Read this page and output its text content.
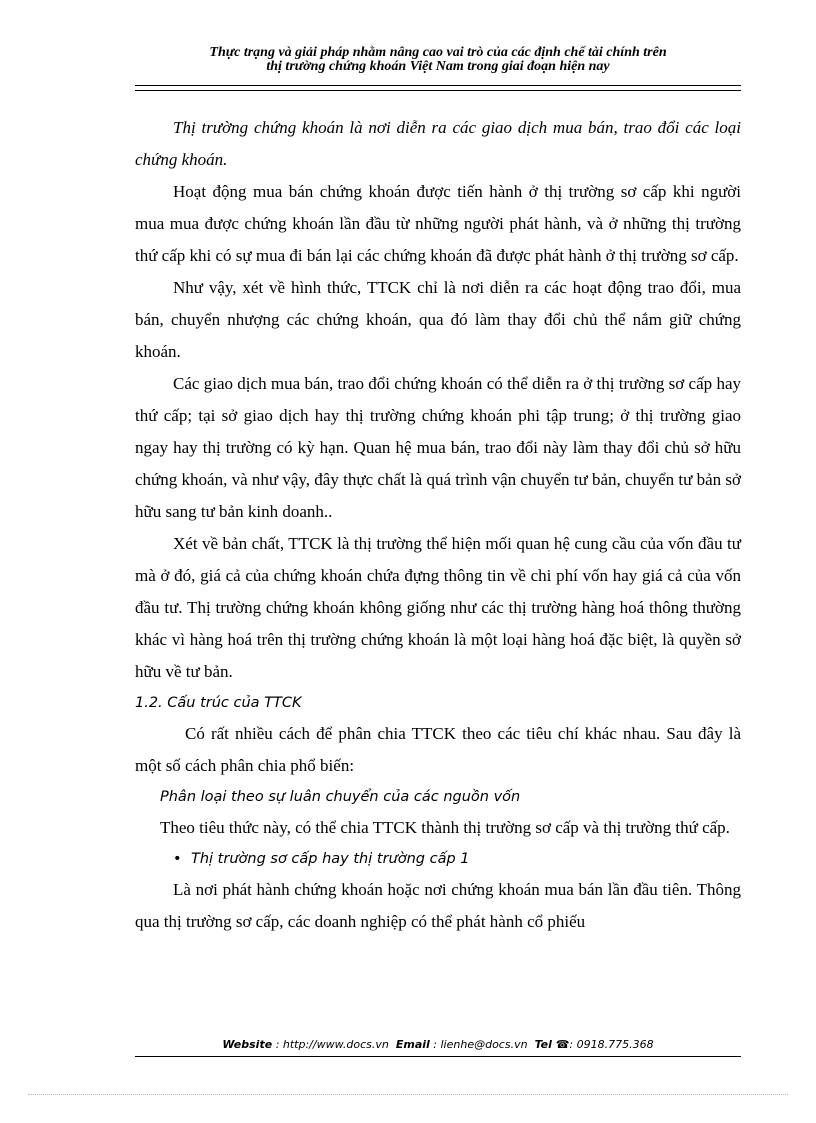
Thực trạng và giải pháp nhằm nâng cao vai trò của các định chế tài chính trên
thị trường chứng khoán Việt Nam trong giai đoạn hiện nay

Thị trường chứng khoán là nơi diễn ra các giao dịch mua bán, trao đổi các loại chứng khoán.

Hoạt động mua bán chứng khoán được tiến hành ở thị trường sơ cấp khi người mua mua được chứng khoán lần đầu từ những người phát hành, và ở những thị trường thứ cấp khi có sự mua đi bán lại các chứng khoán đã được phát hành ở thị trường sơ cấp.

Như vậy, xét về hình thức, TTCK chỉ là nơi diễn ra các hoạt động trao đổi, mua bán, chuyển nhượng các chứng khoán, qua đó làm thay đổi chủ thể nắm giữ chứng khoán.

Các giao dịch mua bán, trao đổi chứng khoán có thể diễn ra ở thị trường sơ cấp hay thứ cấp; tại sở giao dịch hay thị trường chứng khoán phi tập trung; ở thị trường giao ngay hay thị trường có kỳ hạn. Quan hệ mua bán, trao đổi này làm thay đổi chủ sở hữu chứng khoán, và như vậy, đây thực chất là quá trình vận chuyển tư bản, chuyển tư bản sở hữu sang tư bản kinh doanh..

Xét về bản chất, TTCK là thị trường thể hiện mối quan hệ cung cầu của vốn đầu tư mà ở đó, giá cả của chứng khoán chứa đựng thông tin về chi phí vốn hay giá cả của vốn đầu tư. Thị trường chứng khoán không giống như các thị trường hàng hoá thông thường khác vì hàng hoá trên thị trường chứng khoán là một loại hàng hoá đặc biệt, là quyền sở hữu về tư bản.

1.2. Cấu trúc của TTCK

Có rất nhiều cách để phân chia TTCK theo các tiêu chí khác nhau. Sau đây là một số cách phân chia phổ biến:

Phân loại theo sự luân chuyển của các nguồn vốn

Theo tiêu thức này, có thể chia TTCK thành thị trường sơ cấp và thị trường thứ cấp.

• Thị trường sơ cấp hay thị trường cấp 1

Là nơi phát hành chứng khoán hoặc nơi chứng khoán mua bán lần đầu tiên. Thông qua thị trường sơ cấp, các doanh nghiệp có thể phát hành cổ phiếu

Website : http://www.docs.vn Email : lienhe@docs.vn Tel ☎: 0918.775.368
